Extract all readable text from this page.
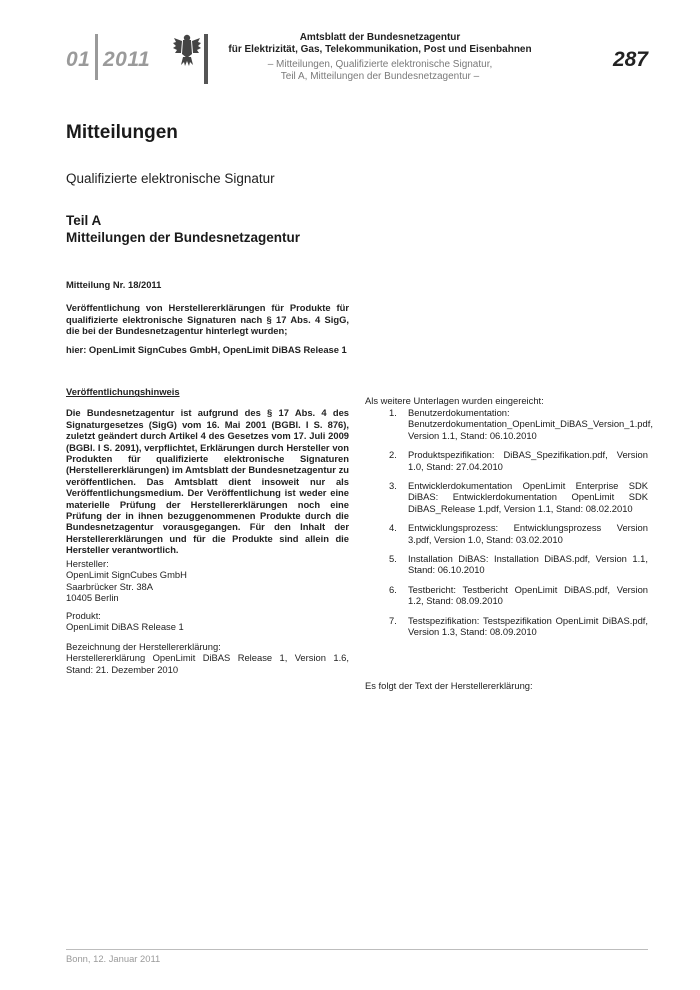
01 2011
Amtsblatt der Bundesnetzagentur
für Elektrizität, Gas, Telekommunikation, Post und Eisenbahnen
– Mitteilungen, Qualifizierte elektronische Signatur,
Teil A, Mitteilungen der Bundesnetzagentur –
287
Mitteilungen
Qualifizierte elektronische Signatur
Teil A
Mitteilungen der Bundesnetzagentur

Mitteilung Nr. 18/2011

Veröffentlichung von Herstellererklärungen für Produkte für qualifizierte elektronische Signaturen nach § 17 Abs. 4 SigG, die bei der Bundesnetzagentur hinterlegt wurden;

hier: OpenLimit SignCubes GmbH, OpenLimit DiBAS Release 1

Veröffentlichungshinweis

Die Bundesnetzagentur ist aufgrund des § 17 Abs. 4 des Signaturgesetzes (SigG) vom 16. Mai 2001 (BGBl. I S. 876), zuletzt geändert durch Artikel 4 des Gesetzes vom 17. Juli 2009 (BGBl. I S. 2091), verpflichtet, Erklärungen durch Hersteller von Produkten für qualifizierte elektronische Signaturen (Herstellererklärungen) im Amtsblatt der Bundesnetzagentur zu veröffentlichen. Das Amtsblatt dient insoweit nur als Veröffentlichungsmedium. Der Veröffentlichung ist weder eine materielle Prüfung der Herstellererklärungen noch eine Prüfung der in ihnen bezuggenommenen Produkte durch die Bundesnetzagentur vorausgegangen. Für den Inhalt der Herstellererklärungen und für die Produkte sind allein die Hersteller verantwortlich.

Hersteller:
OpenLimit SignCubes GmbH
Saarbrücker Str. 38A
10405 Berlin
Produkt:
OpenLimit DiBAS Release 1
Bezeichnung der Herstellererklärung:
Herstellererklärung OpenLimit DiBAS Release 1, Version 1.6, Stand: 21. Dezember 2010

Als weitere Unterlagen wurden eingereicht:

1. Benutzerdokumentation: Benutzerdokumentation_OpenLimit_DiBAS_Version_1.pdf, Version 1.1, Stand: 06.10.2010
2. Produktspezifikation: DiBAS_Spezifikation.pdf, Version 1.0, Stand: 27.04.2010
3. Entwicklerdokumentation OpenLimit Enterprise SDK DiBAS: Entwicklerdokumentation OpenLimit SDK DiBAS_Release 1.pdf, Version 1.1, Stand: 08.02.2010
4. Entwicklungsprozess: Entwicklungsprozess Version 3.pdf, Version 1.0, Stand: 03.02.2010
5. Installation DiBAS: Installation DiBAS.pdf, Version 1.1, Stand: 06.10.2010
6. Testbericht: Testbericht OpenLimit DiBAS.pdf, Version 1.2, Stand: 08.09.2010
7. Testspezifikation: Testspezifikation OpenLimit DiBAS.pdf, Version 1.3, Stand: 08.09.2010

Es folgt der Text der Herstellererklärung:

Bonn, 12. Januar 2011
